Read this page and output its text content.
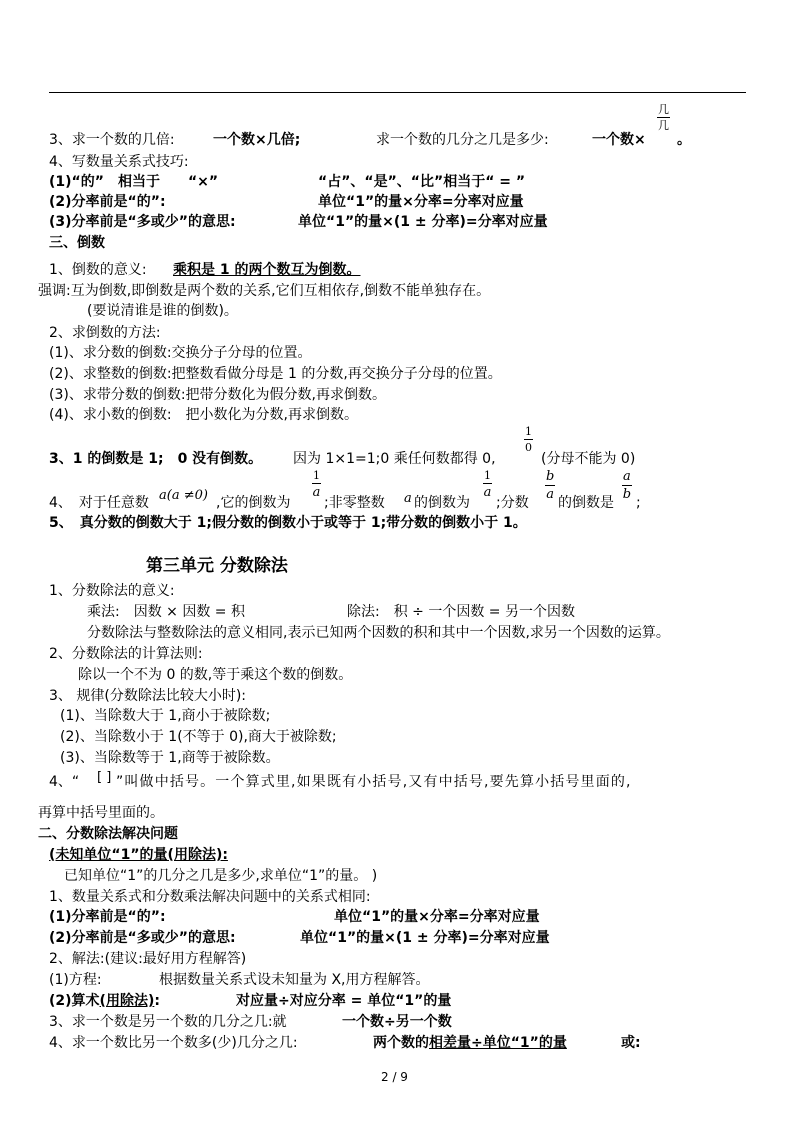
3、求一个数的几倍:	一个数×几倍;	求一个数的几分之几是多少:	一个数×
几
几
。
4、写数量关系式技巧:
(1)“的”　相当于　　“×”	“占”、“是”、“比”相当于“ = ”
(2)分率前是“的”:	单位“1”的量×分率=分率对应量
(3)分率前是“多或少”的意思:	单位“1”的量×(1 ± 分率)=分率对应量
三、倒数
1、倒数的意义: 乘积是 1 的两个数互为倒数。
强调:互为倒数,即倒数是两个数的关系,它们互相依存,倒数不能单独存在。
(要说清谁是谁的倒数)。
2、求倒数的方法:
(1)、求分数的倒数:交换分子分母的位置。
(2)、求整数的倒数:把整数看做分母是 1 的分数,再交换分子分母的位置。
(3)、求带分数的倒数:把带分数化为假分数,再求倒数。
(4)、求小数的倒数:　把小数化为分数,再求倒数。
3、1 的倒数是 1;　0 没有倒数。 因为 1×1=1;0 乘任何数都得 0,
$\frac{1}{0}$
(分母不能为 0)
4、　对于任意数 a(a ≠0) ,它的倒数为
1
a
;非零整数 a 的倒数为
1
a
;分数
$\frac{b}{a}$
的倒数是
$\frac{a}{b}$
;
5、　真分数的倒数大于 1;假分数的倒数小于或等于 1;带分数的倒数小于 1。
第三单元 分数除法
1、分数除法的意义:
乘法:　因数 × 因数 = 积	除法:　积 ÷ 一个因数 = 另一个因数
分数除法与整数除法的意义相同,表示已知两个因数的积和其中一个因数,求另一个因数的运算。
2、分数除法的计算法则:
除以一个不为 0 的数,等于乘这个数的倒数。
3、 规律(分数除法比较大小时):
(1)、当除数大于 1,商小于被除数;
(2)、当除数小于 1(不等于 0),商大于被除数;
(3)、当除数等于 1,商等于被除数。
4、“ [ ] ”叫做中括号。一个算式里,如果既有小括号,又有中括号,要先算小括号里面的,
再算中括号里面的。
二、分数除法解决问题
(未知单位“1”的量(用除法):
已知单位“1”的几分之几是多少,求单位“1”的量。 )
1、数量关系式和分数乘法解决问题中的关系式相同:
(1)分率前是“的”:	单位“1”的量×分率=分率对应量
(2)分率前是“多或少”的意思:	单位“1”的量×(1 ± 分率)=分率对应量
2、解法:(建议:最好用方程解答)
(1)方程:	根据数量关系式设未知量为 X,用方程解答。
(2)算术(用除法):	对应量÷对应分率 = 单位“1”的量
3、求一个数是另一个数的几分之几:就	一个数÷另一个数
4、求一个数比另一个数多(少)几分之几:	两个数的相差量÷单位“1”的量	或:
2 / 9
